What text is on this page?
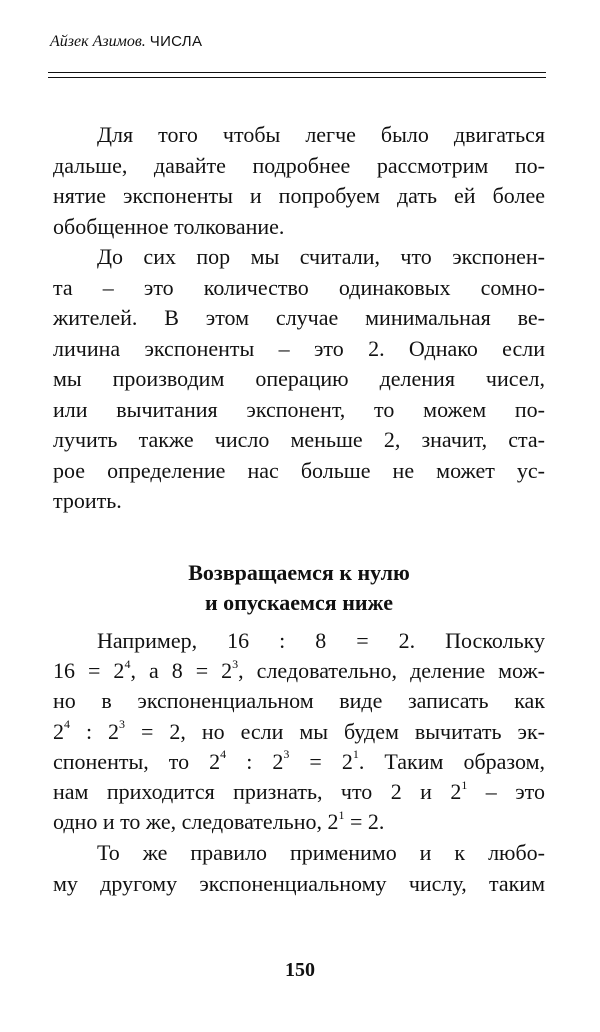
Айзек Азимов. ЧИСЛА
Для того чтобы легче было двигаться
дальше, давайте подробнее рассмотрим по-
нятие экспоненты и попробуем дать ей более
обобщенное толкование.
До сих пор мы считали, что экспонен-
та – это количество одинаковых сомно-
жителей. В этом случае минимальная ве-
личина экспоненты – это 2. Однако если
мы производим операцию деления чисел,
или вычитания экспонент, то можем по-
лучить также число меньше 2, значит, ста-
рое определение нас больше не может ус-
троить.
Возвращаемся к нулю
и опускаемся ниже
Например, 16 : 8 = 2. Поскольку
$16 = 2^4$, а $8 = 2^3$, следовательно, деление мож-
но в экспоненциальном виде записать как
$2^4$ : $2^3 = 2$, но если мы будем вычитать эк-
споненты, то $2^4$ : $2^3 = 2^1$. Таким образом,
нам приходится признать, что 2 и $2^1$ – это
одно и то же, следовательно, $2^1 = 2$.
То же правило применимо и к любо-
му другому экспоненциальному числу, таким
150
